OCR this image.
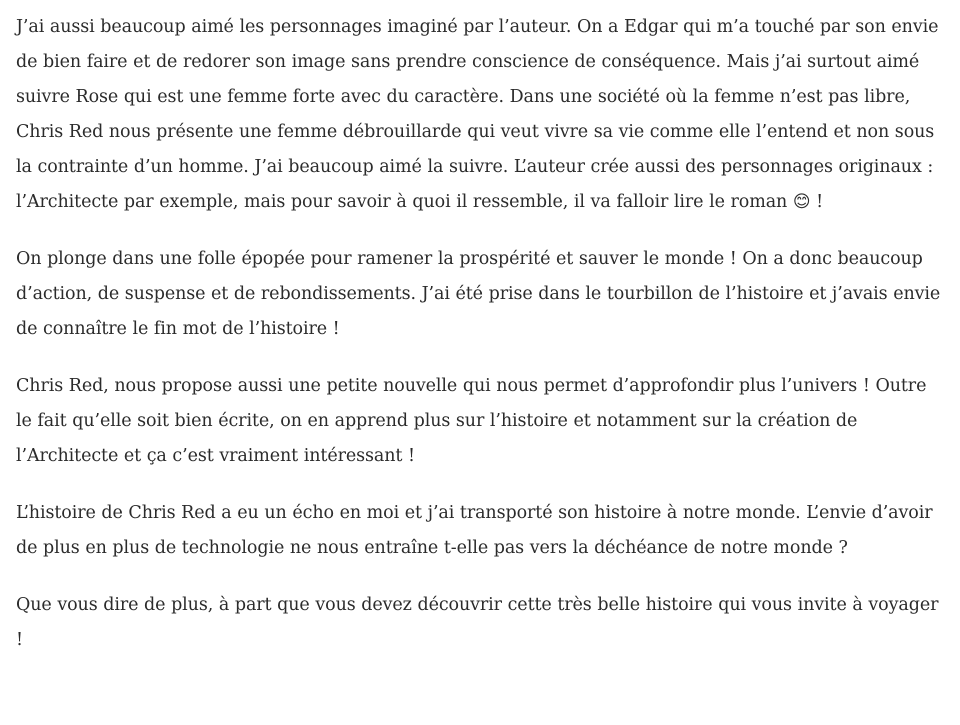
J’ai aussi beaucoup aimé les personnages imaginé par l’auteur. On a Edgar qui m’a touché par son envie de bien faire et de redorer son image sans prendre conscience de conséquence. Mais j’ai surtout aimé suivre Rose qui est une femme forte avec du caractère. Dans une société où la femme n’est pas libre, Chris Red nous présente une femme débrouillarde qui veut vivre sa vie comme elle l’entend et non sous la contrainte d’un homme. J’ai beaucoup aimé la suivre. L’auteur crée aussi des personnages originaux : l’Architecte par exemple, mais pour savoir à quoi il ressemble, il va falloir lire le roman 😊 !

On plonge dans une folle épopée pour ramener la prospérité et sauver le monde ! On a donc beaucoup d’action, de suspense et de rebondissements. J’ai été prise dans le tourbillon de l’histoire et j’avais envie de connaître le fin mot de l’histoire !

Chris Red, nous propose aussi une petite nouvelle qui nous permet d’approfondir plus l’univers ! Outre le fait qu’elle soit bien écrite, on en apprend plus sur l’histoire et notamment sur la création de l’Architecte et ça c’est vraiment intéressant !

L’histoire de Chris Red a eu un écho en moi et j’ai transporté son histoire à notre monde. L’envie d’avoir de plus en plus de technologie ne nous entraîne t-elle pas vers la déchéance de notre monde ?

Que vous dire de plus, à part que vous devez découvrir cette très belle histoire qui vous invite à voyager !
